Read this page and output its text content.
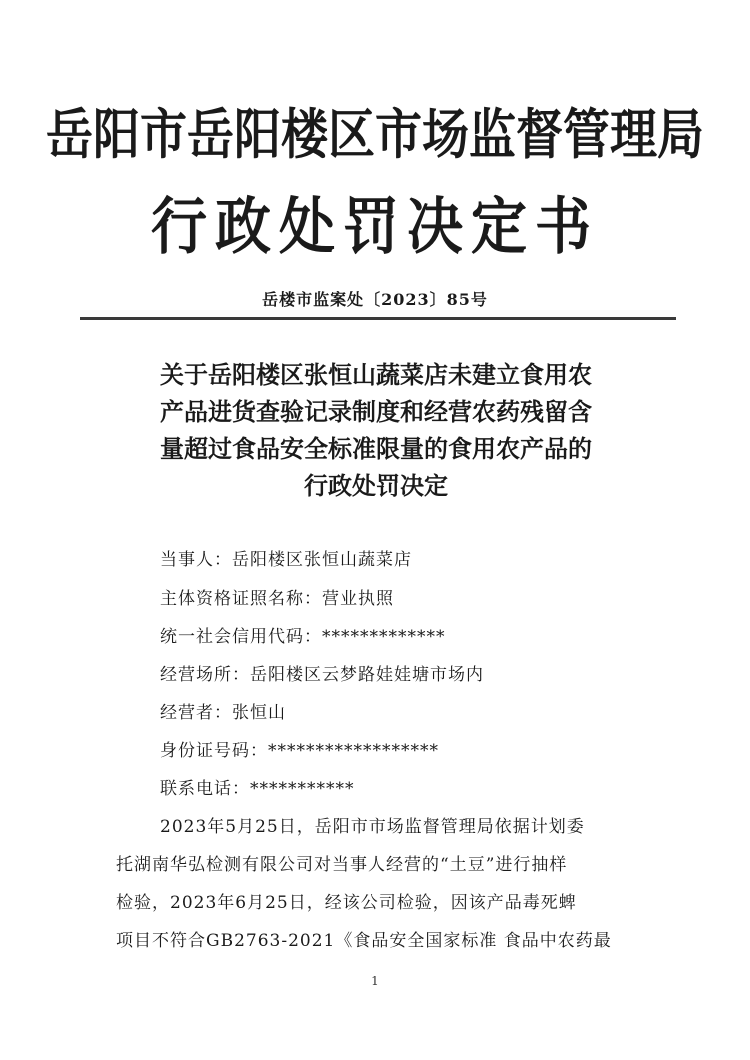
岳阳市岳阳楼区市场监督管理局
行政处罚决定书
岳楼市监案处〔2023〕85号
关于岳阳楼区张恒山蔬菜店未建立食用农
产品进货查验记录制度和经营农药残留含
量超过食品安全标准限量的食用农产品的
行政处罚决定
当事人：岳阳楼区张恒山蔬菜店
主体资格证照名称：营业执照
统一社会信用代码：*************
经营场所：岳阳楼区云梦路娃娃塘市场内
经营者：张恒山
身份证号码：******************
联系电话：***********
2023年5月25日，岳阳市市场监督管理局依据计划委
托湖南华弘检测有限公司对当事人经营的“土豆”进行抽样
检验，2023年6月25日，经该公司检验，因该产品毒死蜱
项目不符合GB2763-2021《食品安全国家标准 食品中农药最
1
